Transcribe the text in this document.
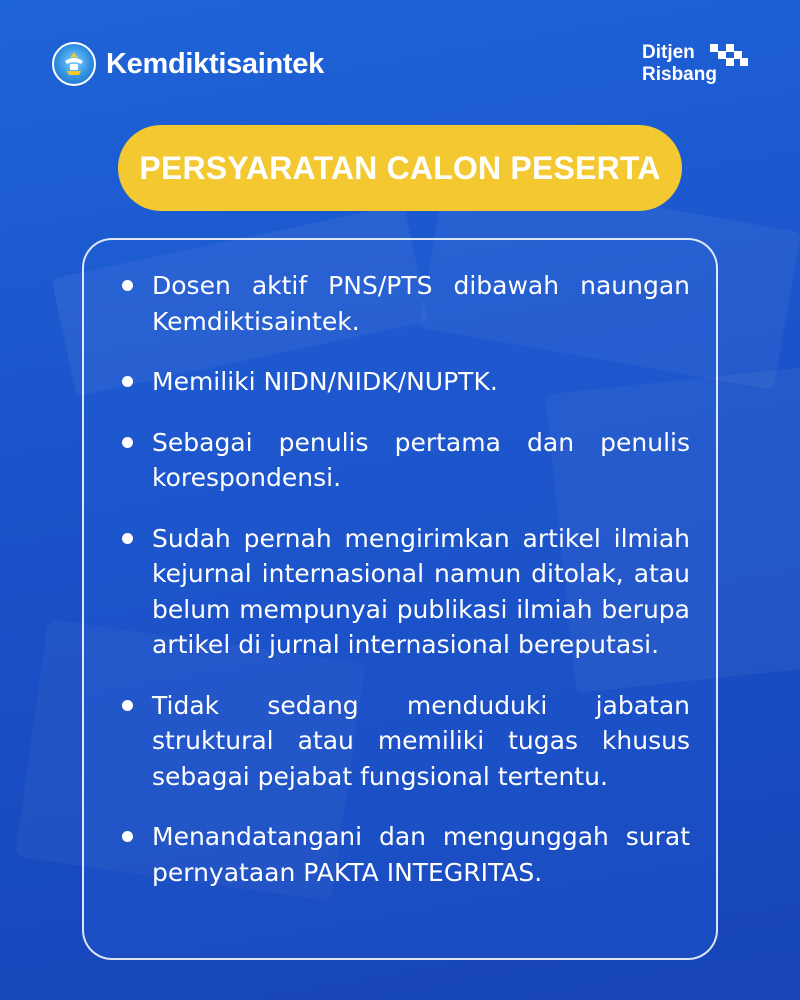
Kemdiktisaintek	Ditjen
Risbang
PERSYARATAN CALON PESERTA
Dosen aktif PNS/PTS dibawah naungan Kemdiktisaintek.
Memiliki NIDN/NIDK/NUPTK.
Sebagai penulis pertama dan penulis korespondensi.
Sudah pernah mengirimkan artikel ilmiah kejurnal internasional namun ditolak, atau belum mempunyai publikasi ilmiah berupa artikel di jurnal internasional bereputasi.
Tidak sedang menduduki jabatan struktural atau memiliki tugas khusus sebagai pejabat fungsional tertentu.
Menandatangani dan mengunggah surat pernyataan PAKTA INTEGRITAS.
